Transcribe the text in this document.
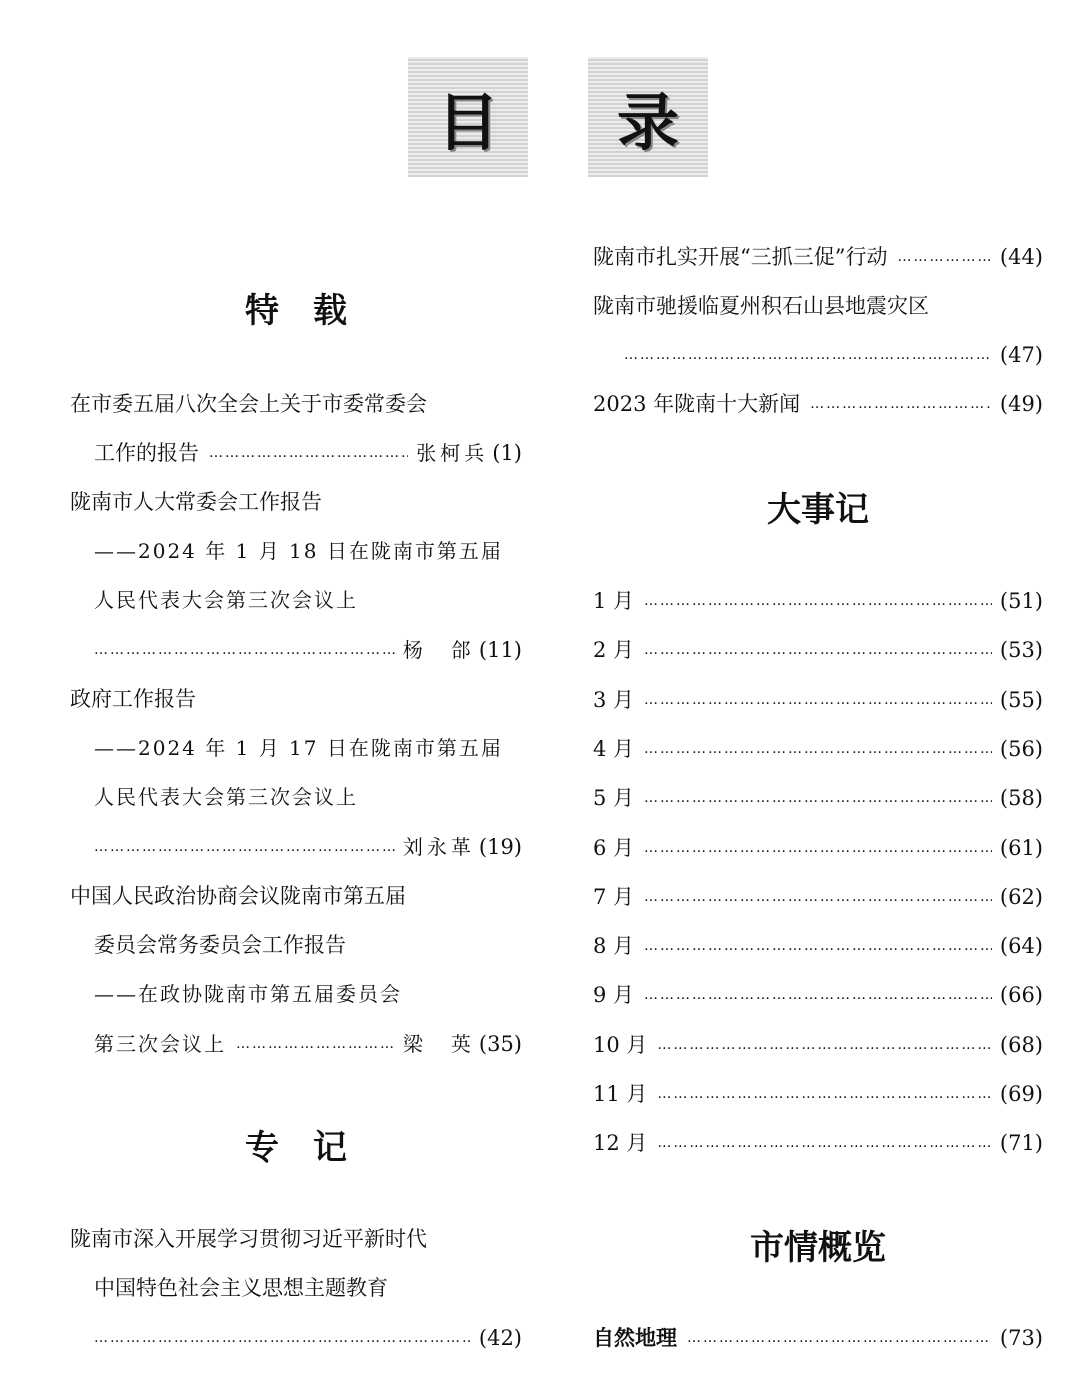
目 录
特　载
在市委五届八次全会上关于市委常委会
工作的报告 …………………………………………………………………………………………………………………………………………	张柯兵 (1)
陇南市人大常委会工作报告
——2024 年 1 月 18 日在陇南市第五届
人民代表大会第三次会议上
…………………………………………………………………………………………………………………………………………
杨　郃 (11)
政府工作报告
——2024 年 1 月 17 日在陇南市第五届
人民代表大会第三次会议上
…………………………………………………………………………………………………………………………………………
刘永革 (19)
中国人民政治协商会议陇南市第五届
委员会常务委员会工作报告
——在政协陇南市第五届委员会
第三次会议上 …………………………………………………………………………………………………………………………………………	梁　英 (35)
专　记
陇南市深入开展学习贯彻习近平新时代
中国特色社会主义思想主题教育
…………………………………………………………………………………………………………………………………………
(42)
陇南市扎实开展“三抓三促”行动 …………………………………………………………………………………………………………………………………………	(44)
陇南市驰援临夏州积石山县地震灾区
…………………………………………………………………………………………………………………………………………
(47)
2023 年陇南十大新闻 …………………………………………………………………………………………………………………………………………	(49)
大事记
1 月 …………………………………………………………………………………………………………………………………………	(51)
2 月 …………………………………………………………………………………………………………………………………………	(53)
3 月 …………………………………………………………………………………………………………………………………………	(55)
4 月 …………………………………………………………………………………………………………………………………………	(56)
5 月 …………………………………………………………………………………………………………………………………………	(58)
6 月 …………………………………………………………………………………………………………………………………………	(61)
7 月 …………………………………………………………………………………………………………………………………………	(62)
8 月 …………………………………………………………………………………………………………………………………………	(64)
9 月 …………………………………………………………………………………………………………………………………………	(66)
10 月 …………………………………………………………………………………………………………………………………………	(68)
11 月 …………………………………………………………………………………………………………………………………………	(69)
12 月 …………………………………………………………………………………………………………………………………………	(71)
市情概览
自然地理 …………………………………………………………………………………………………………………………………………	(73)
